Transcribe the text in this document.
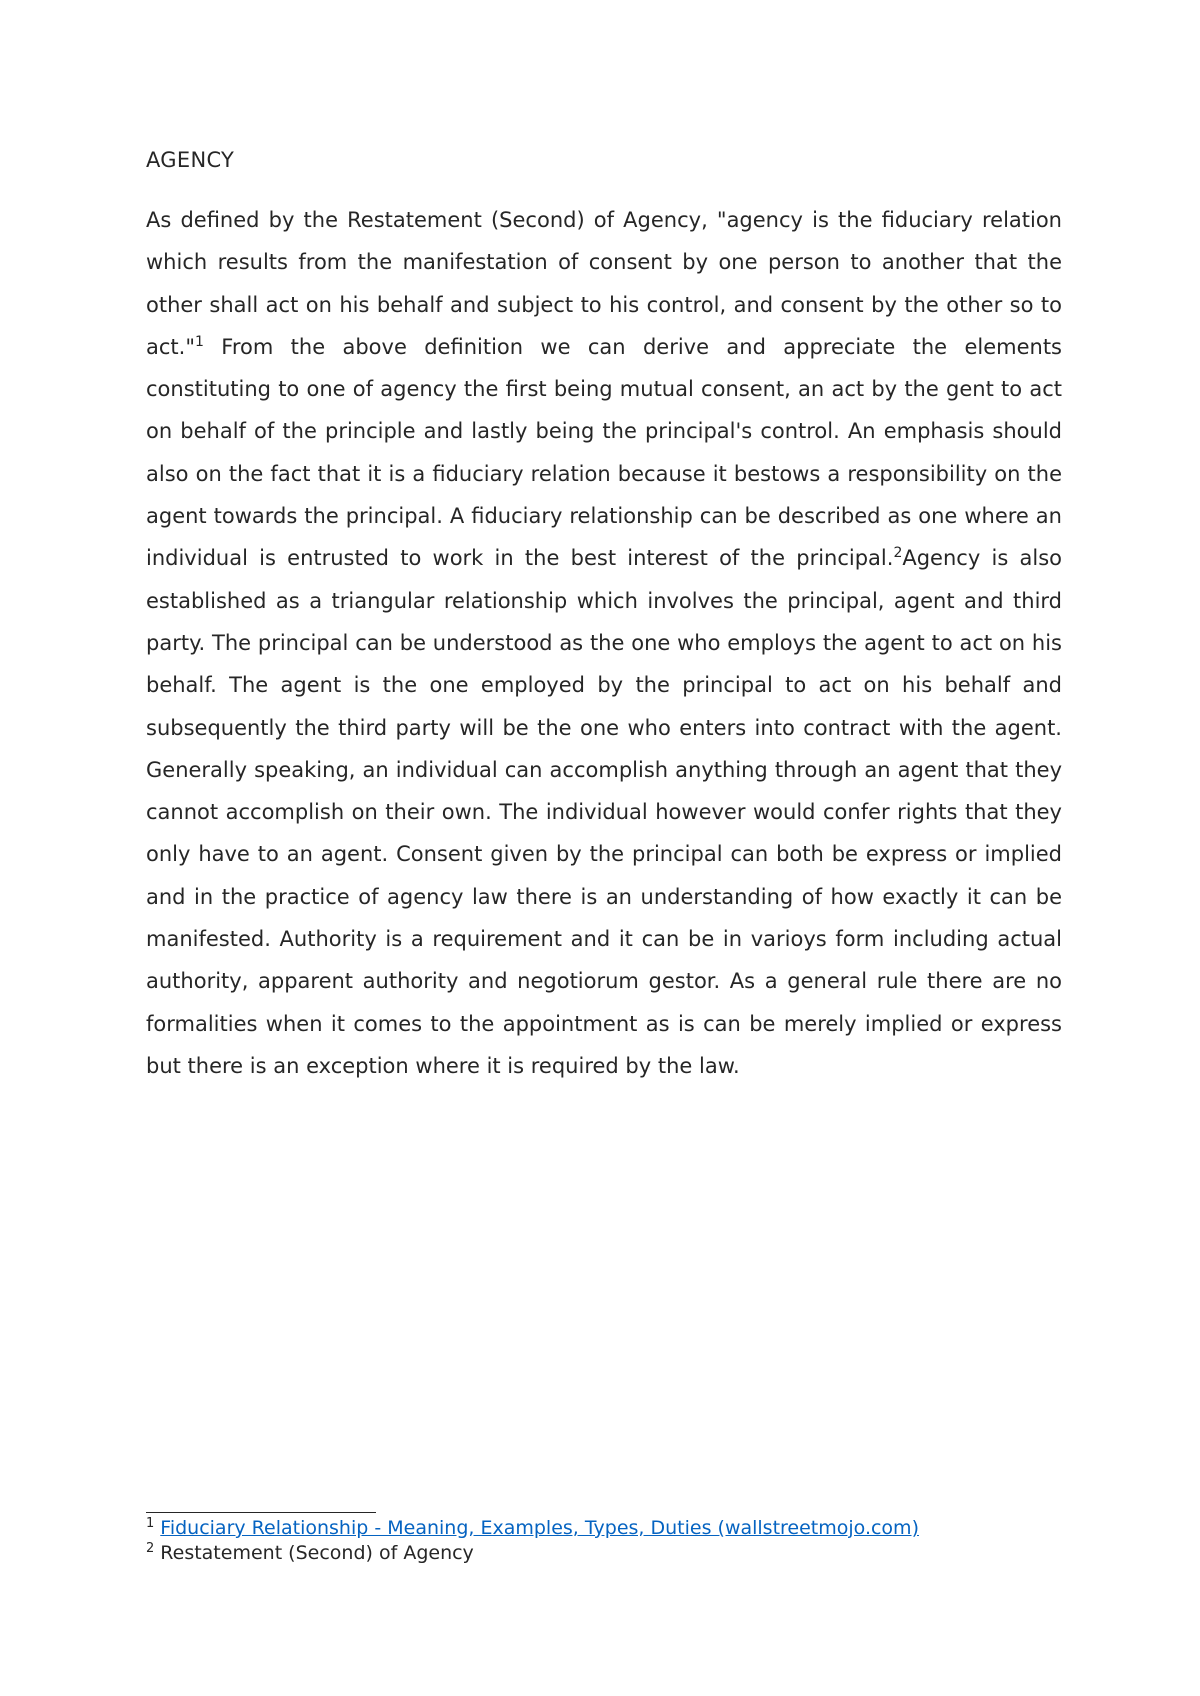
AGENCY
As defined by the Restatement (Second) of Agency, "agency is the fiduciary relation which results from the manifestation of consent by one person to another that the other shall act on his behalf and subject to his control, and consent by the other so to act."$^1$ From the above definition we can derive and appreciate the elements constituting to one of agency the first being mutual consent, an act by the gent to act on behalf of the principle and lastly being the principal's control. An emphasis should also on the fact that it is a fiduciary relation because it bestows a responsibility on the agent towards the principal. A fiduciary relationship can be described as one where an individual is entrusted to work in the best interest of the principal.$^2$Agency is also established as a triangular relationship which involves the principal, agent and third party. The principal can be understood as the one who employs the agent to act on his behalf. The agent is the one employed by the principal to act on his behalf and subsequently the third party will be the one who enters into contract with the agent. Generally speaking, an individual can accomplish anything through an agent that they cannot accomplish on their own. The individual however would confer rights that they only have to an agent. Consent given by the principal can both be express or implied and in the practice of agency law there is an understanding of how exactly it can be manifested. Authority is a requirement and it can be in varioys form including actual authority, apparent authority and negotiorum gestor. As a general rule there are no formalities when it comes to the appointment as is can be merely implied or express but there is an exception where it is required by the law.
$^1$ Fiduciary Relationship - Meaning, Examples, Types, Duties (wallstreetmojo.com)
$^2$ Restatement (Second) of Agency
